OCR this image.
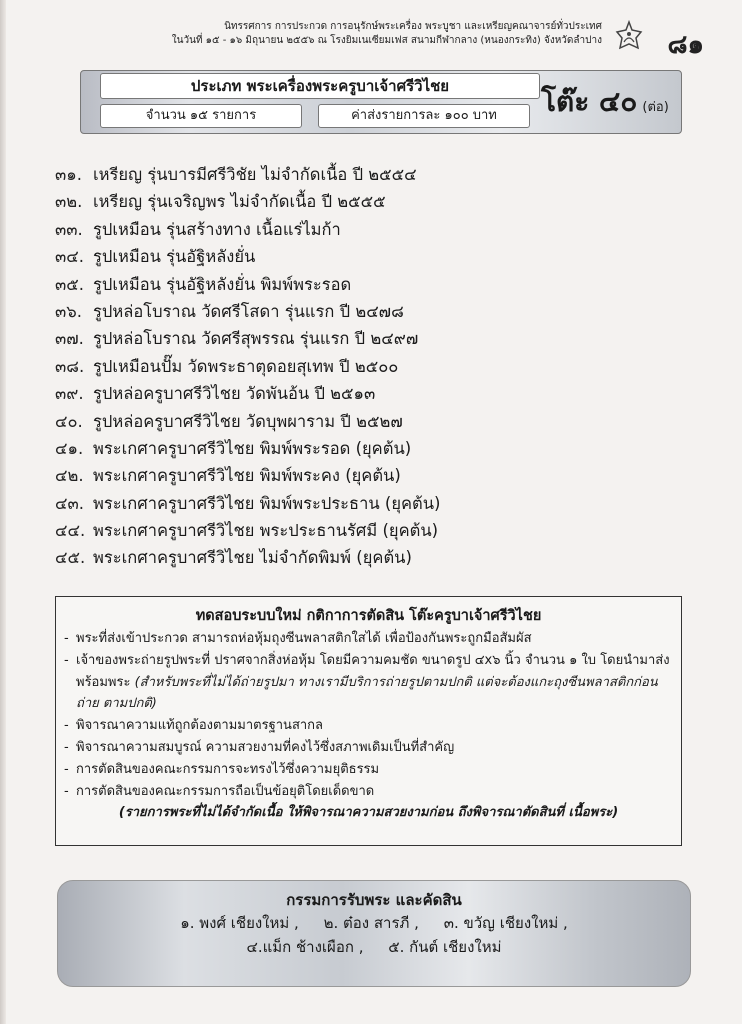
นิทรรศการ การประกวด การอนุรักษ์พระเครื่อง พระบูชา และเหรียญคณาจารย์ทั่วประเทศ
ในวันที่ ๑๕ - ๑๖ มิถุนายน ๒๕๕๖ ณ โรงยิมเนเซียมเฟส สนามกีฬากลาง (หนองกระทิง) จังหวัดลำปาง	๘๑
ประเภท พระเครื่องพระครูบาเจ้าศรีวิไชย
จำนวน ๑๕ รายการ	ค่าส่งรายการละ ๑๐๐ บาท	โต๊ะ ๔๐ (ต่อ)
๓๑. เหรียญ รุ่นบารมีศรีวิชัย ไม่จำกัดเนื้อ ปี ๒๕๕๔
๓๒. เหรียญ รุ่นเจริญพร ไม่จำกัดเนื้อ ปี ๒๕๕๕
๓๓. รูปเหมือน รุ่นสร้างทาง เนื้อแร่ไมก้า
๓๔. รูปเหมือน รุ่นอัฐิหลังยั่น
๓๕. รูปเหมือน รุ่นอัฐิหลังยั่น พิมพ์พระรอด
๓๖. รูปหล่อโบราณ วัดศรีโสดา รุ่นแรก ปี ๒๔๗๘
๓๗. รูปหล่อโบราณ วัดศรีสุพรรณ รุ่นแรก ปี ๒๔๙๗
๓๘. รูปเหมือนปั๊ม วัดพระธาตุดอยสุเทพ ปี ๒๕๐๐
๓๙. รูปหล่อครูบาศรีวิไชย วัดพันอ้น ปี ๒๕๑๓
๔๐. รูปหล่อครูบาศรีวิไชย วัดบุพผาราม ปี ๒๕๒๗
๔๑. พระเกศาครูบาศรีวิไชย พิมพ์พระรอด (ยุคต้น)
๔๒. พระเกศาครูบาศรีวิไชย พิมพ์พระคง (ยุคต้น)
๔๓. พระเกศาครูบาศรีวิไชย พิมพ์พระประธาน (ยุคต้น)
๔๔. พระเกศาครูบาศรีวิไชย พระประธานรัศมี (ยุคต้น)
๔๕. พระเกศาครูบาศรีวิไชย ไม่จำกัดพิมพ์ (ยุคต้น)
ทดสอบระบบใหม่ กติกาการตัดสิน โต๊ะครูบาเจ้าศรีวิไชย
- พระที่ส่งเข้าประกวด สามารถห่อหุ้มถุงซีนพลาสติกใสได้ เพื่อป้องกันพระถูกมือสัมผัส
- เจ้าของพระถ่ายรูปพระที่ ปราศจากสิ่งห่อหุ้ม โดยมีความคมชัด ขนาดรูป ๔x๖ นิ้ว จำนวน ๑ ใบ โดยนำมาส่งพร้อมพระ (สำหรับพระที่ไม่ได้ถ่ายรูปมา ทางเรามีบริการถ่ายรูปตามปกติ แต่จะต้องแกะถุงซีนพลาสติกก่อนถ่าย ตามปกติ)
- พิจารณาความแท้ถูกต้องตามมาตรฐานสากล
- พิจารณาความสมบูรณ์ ความสวยงามที่คงไว้ซึ่งสภาพเดิมเป็นที่สำคัญ
- การตัดสินของคณะกรรมการจะทรงไว้ซึ่งความยุติธรรม
- การตัดสินของคณะกรรมการถือเป็นข้อยุติโดยเด็ดขาด
(รายการพระที่ไม่ได้จำกัดเนื้อ ให้พิจารณาความสวยงามก่อน ถึงพิจารณาตัดสินที่ เนื้อพระ)
กรรมการรับพระ และคัดสิน
๑. พงศ์ เชียงใหม่ , ๒. ต๋อง สารภี , ๓. ขวัญ เชียงใหม่ ,
๔.แม็ก ช้างเผือก , ๕. กันต์ เชียงใหม่
